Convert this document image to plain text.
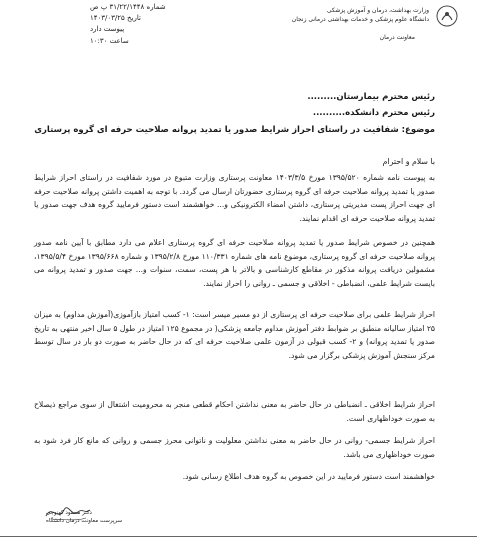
وزارت بهداشت، درمان و آموزش پزشکی
دانشگاه علوم پزشکی و خدمات بهداشتی درمانی زنجان
معاونت درمان
شماره ۳۱/۲۲/۱۴۴۸ پ ص
تاریخ ۱۴۰۳/۰۳/۲۵
پیوست دارد
ساعت ۱۰:۳۰
رئیس محترم بیمارستان.........
رئیس محترم دانشکده..........
موضوع: شفافیت در راستای احراز شرایط صدور یا تمدید پروانه صلاحیت حرفه ای گروه پرستاری
با سلام و احترام

به پیوست نامه شماره ۱۳۹۵/۵۲۰ مورخ ۱۴۰۳/۳/۵ معاونت پرستاری وزارت متبوع در مورد شفافیت در راستای احراز شرایط صدور یا تمدید پروانه صلاحیت حرفه ای گروه پرستاری حضورتان ارسال می گردد. با توجه به اهمیت داشتن پروانه صلاحیت حرفه ای جهت احراز پست مدیریتی پرستاری، داشتن امضاء الکترونیکی و... خواهشمند است دستور فرمایید گروه هدف جهت صدور یا تمدید پروانه صلاحیت حرفه ای اقدام نمایند.

همچنین در خصوص شرایط صدور یا تمدید پروانه صلاحیت حرفه ای گروه پرستاری اعلام می دارد مطابق با آیین نامه صدور پروانه صلاحیت حرفه ای گروه پرستاری، موضوع نامه های شماره ۱۱۰/۳۳۱ مورخ ۱۳۹۵/۲/۸ و شماره ۱۳۹۵/۶۶۸ مورخ ۱۳۹۵/۵/۴، مشمولین دریافت پروانه مذکور در مقاطع کارشناسی و بالاتر با هر پست، سمت، سنوات و... جهت صدور و تمدید پروانه می بایست شرایط علمی، انضباطی - اخلاقی و جسمی ـ روانی را احراز نمایند.

احراز شرایط علمی برای صلاحیت حرفه ای پرستاری از دو مسیر میسر است: ۱- کسب امتیاز بازآموزی(آموزش مداوم) به میزان ۲۵ امتیاز سالیانه منطبق بر ضوابط دفتر آموزش مداوم جامعه پزشکی( در مجموع ۱۲۵ امتیاز در طول ۵ سال اخیر منتهی به تاریخ صدور یا تمدید پروانه) و ۲- کسب قبولی در آزمون علمی صلاحیت حرفه ای که در حال حاضر به صورت دو بار در سال توسط مرکز سنجش آموزش پزشکی برگزار می شود.

احراز شرایط اخلاقی ـ انضباطی در حال حاضر به معنی نداشتن احکام قطعی منجر به محرومیت اشتغال از سوی مراجع ذیصلاح به صورت خوداظهاری است.

احراز شرایط جسمی- روانی در حال حاضر به معنی نداشتن معلولیت و ناتوانی محرز جسمی و روانی که مانع کار فرد شود به صورت خوداظهاری می باشد.

خواهشمند است دستور فرمایید در این خصوص به گروه هدف اطلاع رسانی شود.

دکتر محمود کهنوجی
سرپرست معاونت درمان دانشگاه
